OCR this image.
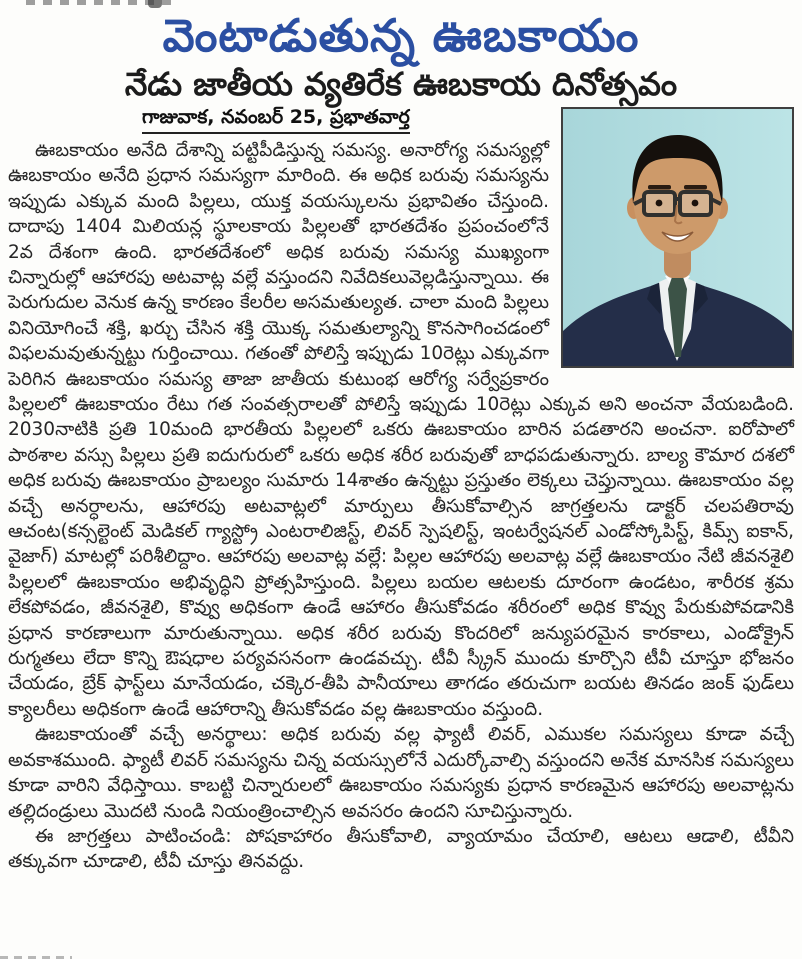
వెంటాడుతున్న ఊబకాయం
నేడు జాతీయ వ్యతిరేక ఊబకాయ దినోత్సవం
గాజువాక, నవంబర్ 25, ప్రభాతవార్త

ఊబకాయం అనేది దేశాన్ని పట్టిపీడిస్తున్న సమస్య. అనారోగ్య సమస్యల్లో ఊబకాయం అనేది ప్రధాన సమస్యగా మారింది. ఈ అధిక బరువు సమస్యను ఇప్పుడు ఎక్కువ మంది పిల్లలు, యుక్త వయస్కులను ప్రభావితం చేస్తుంది. దాదాపు 1404 మిలియన్ల స్థూలకాయ పిల్లలతో భారతదేశం ప్రపంచంలోనే 2వ దేశంగా ఉంది. భారతదేశంలో అధిక బరువు సమస్య ముఖ్యంగా చిన్నారుల్లో ఆహారపు అటవాట్ల వల్లే వస్తుందని నివేదికలువెల్లడిస్తున్నాయి. ఈ పెరుగుదుల వెనుక ఉన్న కారణం కేలరీల అసమతుల్యత. చాలా మంది పిల్లలు వినియోగించే శక్తి, ఖర్చు చేసిన శక్తి యొక్క సమతుల్యాన్ని కొనసాగించడంలో విఫలమవుతున్నట్టు గుర్తించాయి. గతంతో పోలిస్తే ఇప్పుడు 10రెట్లు ఎక్కువగా పెరిగిన ఊబకాయం సమస్య తాజా జాతీయ కుటుంభ ఆరోగ్య సర్వేప్రకారం పిల్లలలో ఊబకాయం రేటు గత సంవత్సరాలతో పోలిస్తే ఇప్పుడు 10రెట్లు ఎక్కువ అని అంచనా వేయబడింది. 2030నాటికి ప్రతి 10మంది భారతీయ పిల్లలలో ఒకరు ఊబకాయం బారిన పడతారని అంచనా. ఐరోపాలో పాఠశాల వస్సు పిల్లలు ప్రతి ఐదుగురులో ఒకరు అధిక శరీర బరువుతో బాధపడుతున్నారు. బాల్య కౌమార దశలో అధిక బరువు ఊబకాయం ప్రాబల్యం సుమారు 14శాతం ఉన్నట్టు ప్రస్తుతం లెక్కలు చెప్తున్నాయి. ఊబకాయం వల్ల వచ్చే అనర్ధాలను, ఆహారపు అటవాట్లలో మార్పులు తీసుకోవాల్సిన జాగ్రత్తలను డాక్టర్ చలపతిరావు ఆచంట(కన్సల్టెంట్ మెడికల్ గ్యాస్ట్రో ఎంటరాలిజిస్ట్, లివర్ స్పెషలిస్ట్, ఇంటర్వేషనల్ ఎండోస్కోపిస్ట్, కిమ్స్ ఐకాన్, వైజాగ్) మాటల్లో పరిశీలిద్దాం. ఆహారపు అలవాట్ల వల్లే: పిల్లల ఆహారపు అలవాట్ల వల్లే ఊబకాయం నేటి జీవనశైలి పిల్లలలో ఊబకాయం అభివృద్ధిని ప్రోత్సహిస్తుంది. పిల్లలు బయల ఆటలకు దూరంగా ఉండటం, శారీరక శ్రమ లేకపోవడం, జీవనశైలి, కొవ్వు అధికంగా ఉండే ఆహారం తీసుకోవడం శరీరంలో అధిక కొవ్వు పేరుకుపోవడానికి ప్రధాన కారణాలుగా మారుతున్నాయి. అధిక శరీర బరువు కొందరిలో జన్యుపరమైన కారకాలు, ఎండోక్రైన్ రుగ్మతలు లేదా కొన్ని ఔషధాల పర్యవసనంగా ఉండవచ్చు. టీవీ స్క్రీన్ ముందు కూర్చొని టీవీ చూస్తూ భోజనం చేయడం, బ్రేక్ ఫాస్ట్‌లు మానేయడం, చక్కెర-తీపి పానీయాలు తాగడం తరుచుగా బయట తినడం జంక్ ఫుడ్‌లు క్యాలరీలు అధికంగా ఉండే ఆహారాన్ని తీసుకోవడం వల్ల ఊబకాయం వస్తుంది.

ఊబకాయంతో వచ్చే అనర్థాలు: అధిక బరువు వల్ల ఫ్యాటీ లివర్, ఎముకల సమస్యలు కూడా వచ్చే అవకాశముంది. ఫ్యాటీ లివర్ సమస్యను చిన్న వయస్సులోనే ఎదుర్కోవాల్సి వస్తుందని అనేక మానసిక సమస్యలు కూడా వారిని వేధిస్తాయి. కాబట్టి చిన్నారులలో ఊబకాయం సమస్యకు ప్రధాన కారణమైన ఆహారపు అలవాట్లను తల్లిదండ్రులు మొదటి నుండి నియంత్రించాల్సిన అవసరం ఉందని సూచిస్తున్నారు.

ఈ జాగ్రత్తలు పాటించండి: పోషకాహారం తీసుకోవాలి, వ్యాయామం చేయాలి, ఆటలు ఆడాలి, టీవీని తక్కువగా చూడాలి, టీవీ చూస్తు తినవద్దు.
